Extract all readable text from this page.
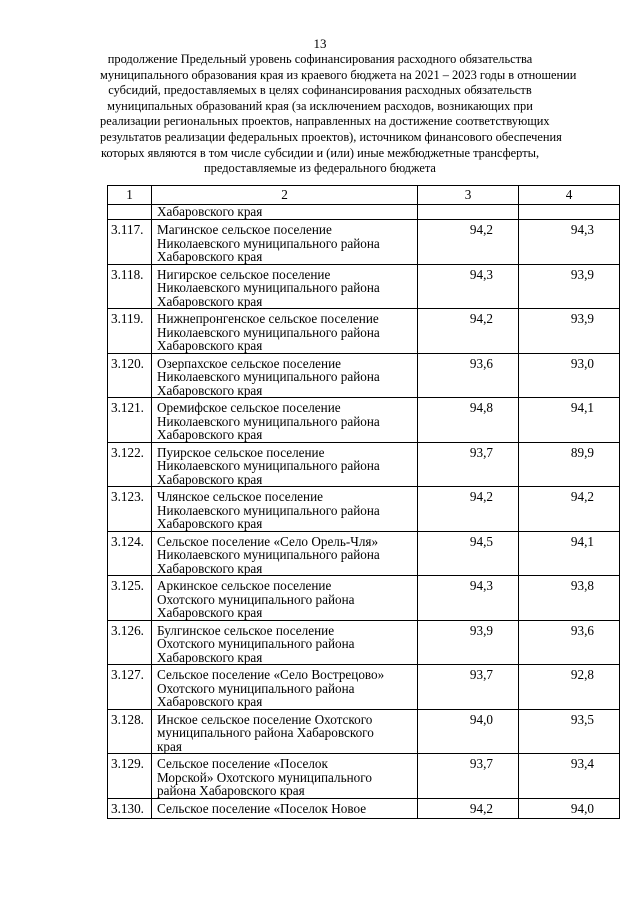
13
продолжение Предельный уровень софинансирования расходного обязательства
муниципального образования края из краевого бюджета на 2021 – 2023 годы в отношении
субсидий, предоставляемых в целях софинансирования расходных обязательств
муниципальных образований края (за исключением расходов, возникающих при
реализации региональных проектов, направленных на достижение соответствующих
результатов реализации федеральных проектов), источником финансового обеспечения
которых являются в том числе субсидии и (или) иные межбюджетные трансферты,
предоставляемые из федерального бюджета
1	2	3	4
	Хабаровского края		
3.117.	Магинское сельское поселение
Николаевского муниципального района
Хабаровского края	94,2	94,3
3.118.	Нигирское сельское поселение
Николаевского муниципального района
Хабаровского края	94,3	93,9
3.119.	Нижнепронгенское сельское поселение
Николаевского муниципального района
Хабаровского края	94,2	93,9
3.120.	Озерпахское сельское поселение
Николаевского муниципального района
Хабаровского края	93,6	93,0
3.121.	Оремифское сельское поселение
Николаевского муниципального района
Хабаровского края	94,8	94,1
3.122.	Пуирское сельское поселение
Николаевского муниципального района
Хабаровского края	93,7	89,9
3.123.	Члянское сельское поселение
Николаевского муниципального района
Хабаровского края	94,2	94,2
3.124.	Сельское поселение «Село Орель-Чля»
Николаевского муниципального района
Хабаровского края	94,5	94,1
3.125.	Аркинское сельское поселение
Охотского муниципального района
Хабаровского края	94,3	93,8
3.126.	Булгинское сельское поселение
Охотского муниципального района
Хабаровского края	93,9	93,6
3.127.	Сельское поселение «Село Вострецово»
Охотского муниципального района
Хабаровского края	93,7	92,8
3.128.	Инское сельское поселение Охотского
муниципального района Хабаровского
края	94,0	93,5
3.129.	Сельское поселение «Поселок
Морской» Охотского муниципального
района Хабаровского края	93,7	93,4
3.130.	Сельское поселение «Поселок Новое	94,2	94,0
